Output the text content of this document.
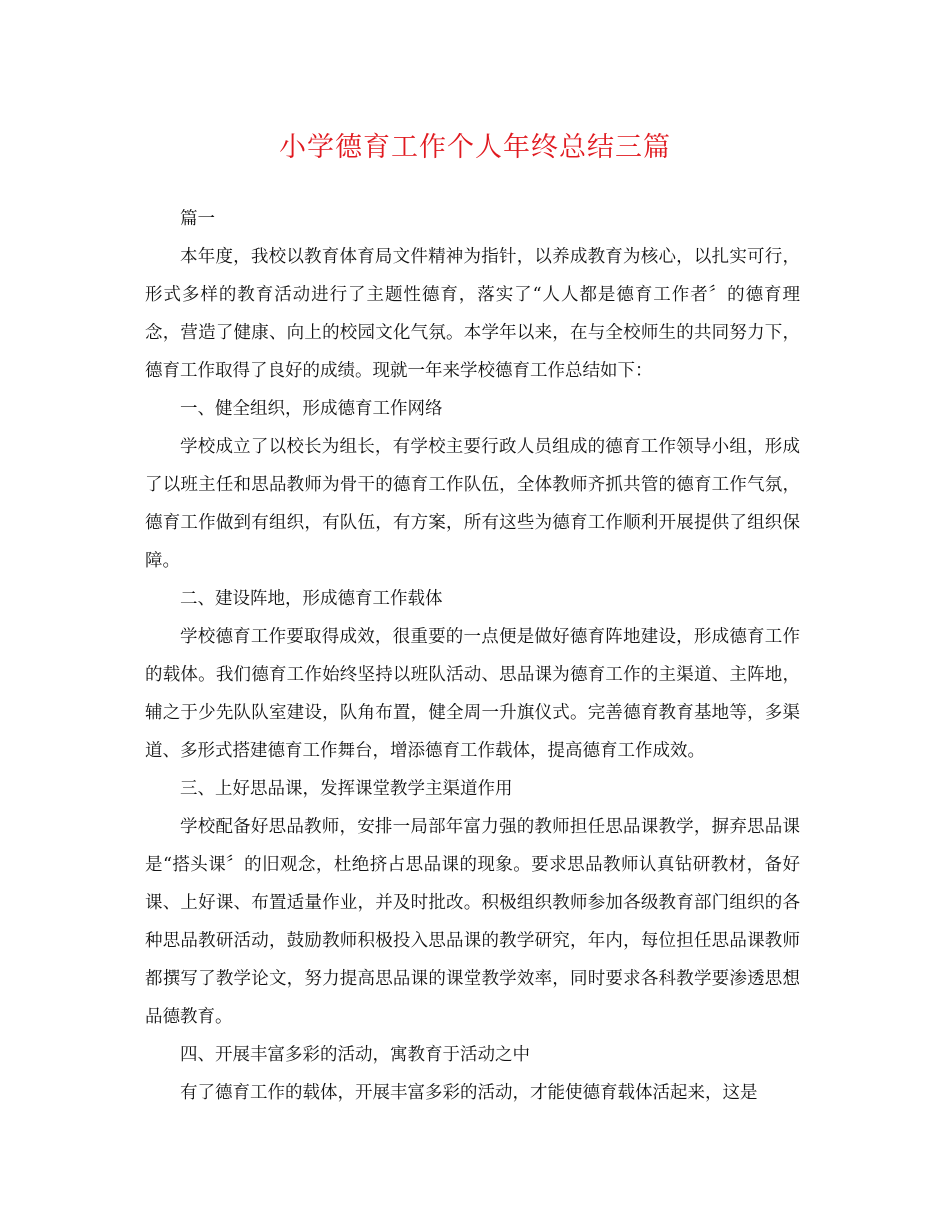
小学德育工作个人年终总结三篇

篇一

本年度，我校以教育体育局文件精神为指针，以养成教育为核心，以扎实可行，形式多样的教育活动进行了主题性德育，落实了“人人都是德育工作者〞的德育理念，营造了健康、向上的校园文化气氛。本学年以来，在与全校师生的共同努力下，德育工作取得了良好的成绩。现就一年来学校德育工作总结如下：

一、健全组织，形成德育工作网络

学校成立了以校长为组长，有学校主要行政人员组成的德育工作领导小组，形成了以班主任和思品教师为骨干的德育工作队伍，全体教师齐抓共管的德育工作气氛，德育工作做到有组织，有队伍，有方案，所有这些为德育工作顺利开展提供了组织保障。

二、建设阵地，形成德育工作载体

学校德育工作要取得成效，很重要的一点便是做好德育阵地建设，形成德育工作的载体。我们德育工作始终坚持以班队活动、思品课为德育工作的主渠道、主阵地，辅之于少先队队室建设，队角布置，健全周一升旗仪式。完善德育教育基地等，多渠道、多形式搭建德育工作舞台，增添德育工作载体，提高德育工作成效。

三、上好思品课，发挥课堂教学主渠道作用

学校配备好思品教师，安排一局部年富力强的教师担任思品课教学，摒弃思品课是“搭头课〞的旧观念，杜绝挤占思品课的现象。要求思品教师认真钻研教材，备好课、上好课、布置适量作业，并及时批改。积极组织教师参加各级教育部门组织的各种思品教研活动，鼓励教师积极投入思品课的教学研究，年内，每位担任思品课教师都撰写了教学论文，努力提高思品课的课堂教学效率，同时要求各科教学要渗透思想品德教育。

四、开展丰富多彩的活动，寓教育于活动之中

有了德育工作的载体，开展丰富多彩的活动，才能使德育载体活起来，这是
